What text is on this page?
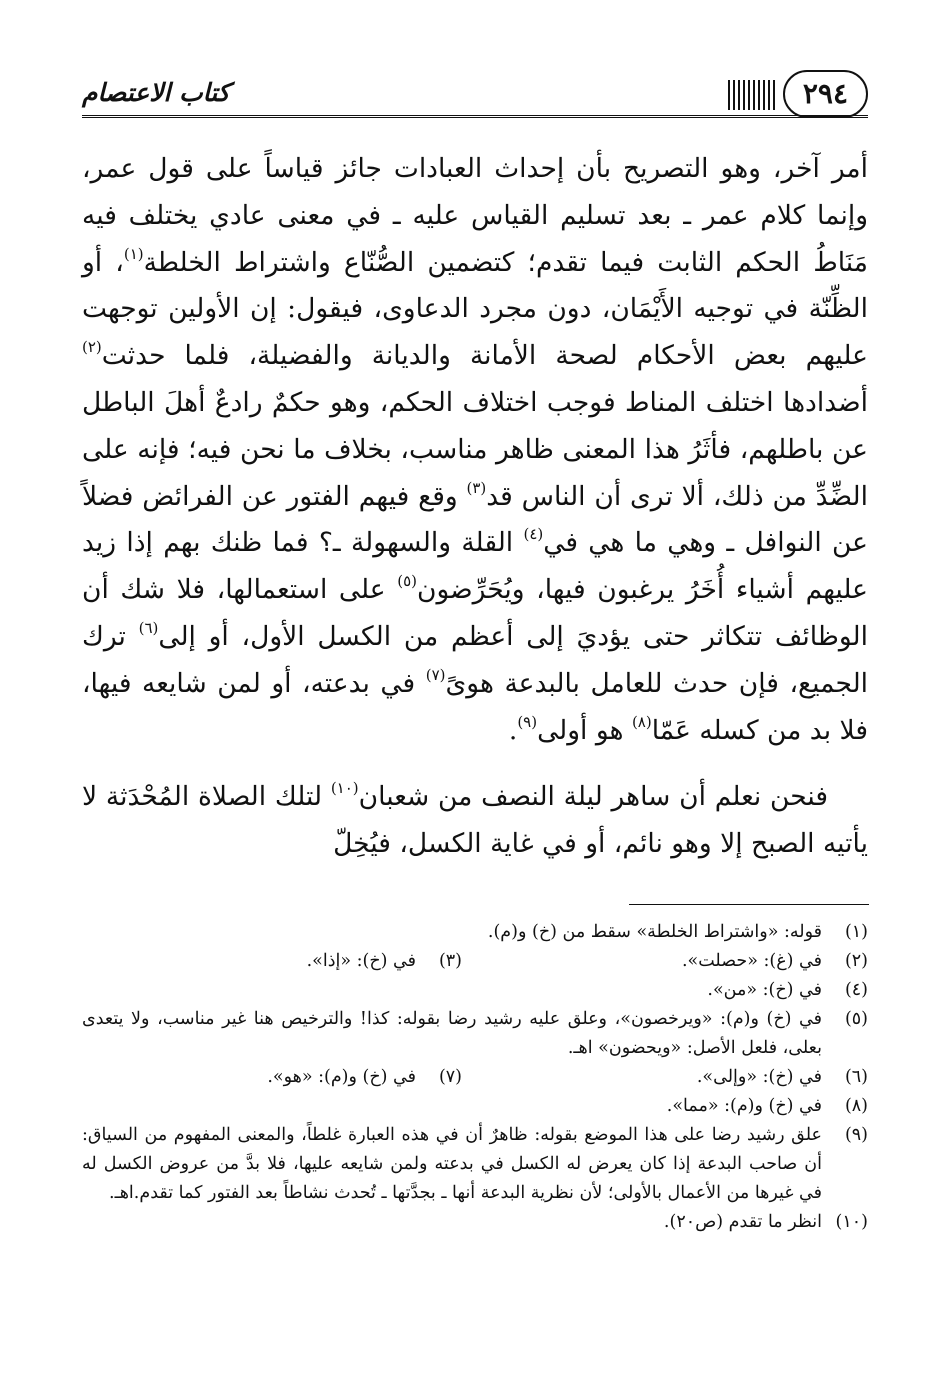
٢٩٤
كتاب الاعتصام

أمر آخر، وهو التصريح بأن إحداث العبادات جائز قياساً على قول عمر، وإنما كلام عمر ـ بعد تسليم القياس عليه ـ في معنى عادي يختلف فيه مَنَاطُ الحكم الثابت فيما تقدم؛ كتضمين الصُّنّاع واشتراط الخلطة$^{(١)}$، أو الظِّنّة في توجيه الأَيْمَان، دون مجرد الدعاوى، فيقول: إن الأولين توجهت عليهم بعض الأحكام لصحة الأمانة والديانة والفضيلة، فلما حدثت$^{(٢)}$ أضدادها اختلف المناط فوجب اختلاف الحكم، وهو حكمٌ رادعٌ أهلَ الباطل عن باطلهم، فأثَرُ هذا المعنى ظاهر مناسب، بخلاف ما نحن فيه؛ فإنه على الضِّدِّ من ذلك، ألا ترى أن الناس قد$^{(٣)}$ وقع فيهم الفتور عن الفرائض فضلاً عن النوافل ـ وهي ما هي في$^{(٤)}$ القلة والسهولة ـ؟ فما ظنك بهم إذا زيد عليهم أشياء أُخَرُ يرغبون فيها، ويُحَرِّضون$^{(٥)}$ على استعمالها، فلا شك أن الوظائف تتكاثر حتى يؤديَ إلى أعظم من الكسل الأول، أو إلى$^{(٦)}$ ترك الجميع، فإن حدث للعامل بالبدعة هوىً$^{(٧)}$ في بدعته، أو لمن شايعه فيها، فلا بد من كسله عَمّا$^{(٨)}$ هو أولى$^{(٩)}$.

فنحن نعلم أن ساهر ليلة النصف من شعبان$^{(١٠)}$ لتلك الصلاة المُحْدَثة لا يأتيه الصبح إلا وهو نائم، أو في غاية الكسل، فيُخِلّ

(١)
قوله: «واشتراط الخلطة» سقط من (خ) و(م).
(٢)
في (غ): «حصلت».
(٣)
في (خ): «إذا».
(٤)
في (خ): «من».
(٥)
في (خ) و(م): «ويرخصون»، وعلق عليه رشيد رضا بقوله: كذا! والترخيص هنا غير مناسب، ولا يتعدى بعلى، فلعل الأصل: «ويحضون» اهـ.
(٦)
في (خ): «وإلى».
(٧)
في (خ) و(م): «هو».
(٨)
في (خ) و(م): «مما».
(٩)
علق رشيد رضا على هذا الموضع بقوله: ظاهرٌ أن في هذه العبارة غلطاً، والمعنى المفهوم من السياق: أن صاحب البدعة إذا كان يعرض له الكسل في بدعته ولمن شايعه عليها، فلا بدَّ من عروض الكسل له في غيرها من الأعمال بالأولى؛ لأن نظرية البدعة أنها ـ بجدَّتها ـ تُحدث نشاطاً بعد الفتور كما تقدم.اهـ.
(١٠)
انظر ما تقدم (ص٢٠).
